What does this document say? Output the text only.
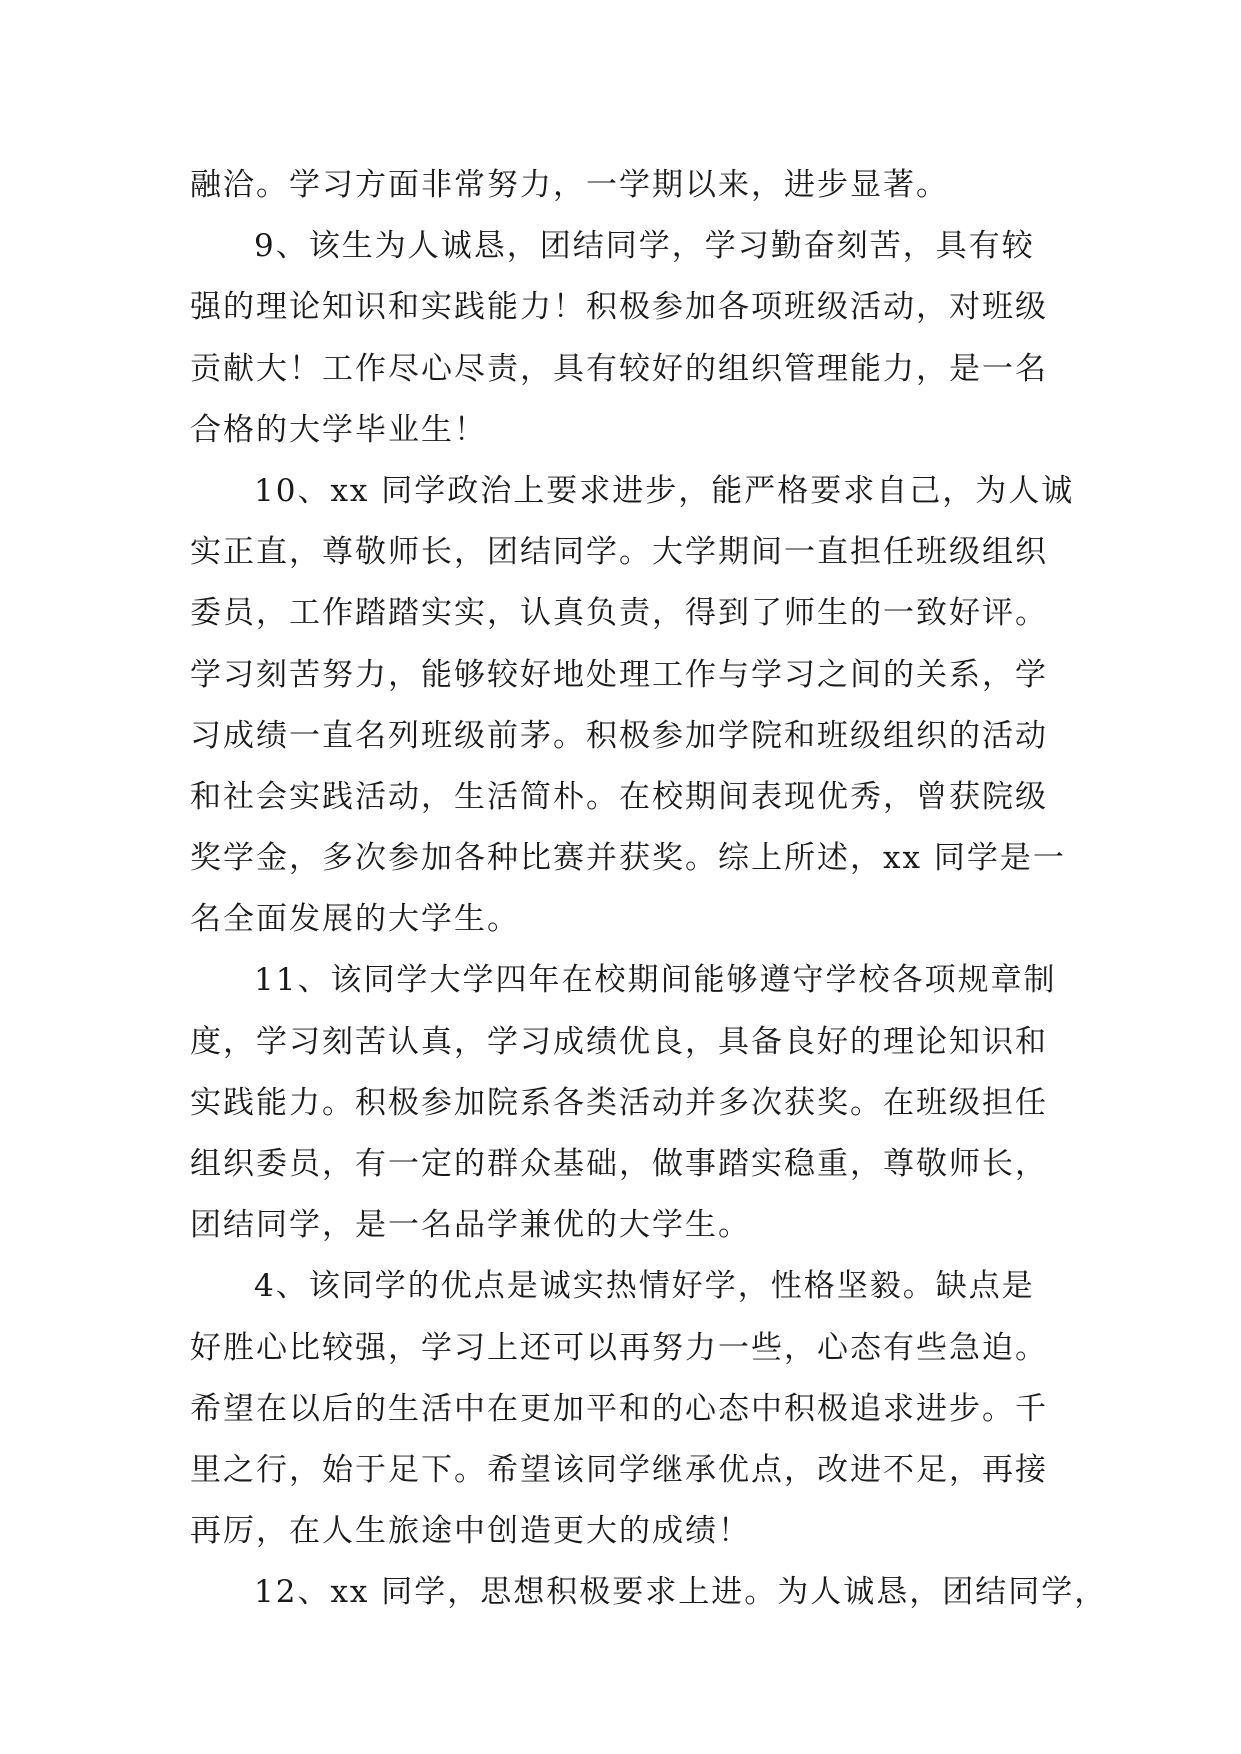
融洽。学习方面非常努力，一学期以来，进步显著。
9、该生为人诚恳，团结同学，学习勤奋刻苦，具有较
强的理论知识和实践能力！积极参加各项班级活动，对班级
贡献大！工作尽心尽责，具有较好的组织管理能力，是一名
合格的大学毕业生！
10、xx 同学政治上要求进步，能严格要求自己，为人诚
实正直，尊敬师长，团结同学。大学期间一直担任班级组织
委员，工作踏踏实实，认真负责，得到了师生的一致好评。
学习刻苦努力，能够较好地处理工作与学习之间的关系，学
习成绩一直名列班级前茅。积极参加学院和班级组织的活动
和社会实践活动，生活简朴。在校期间表现优秀，曾获院级
奖学金，多次参加各种比赛并获奖。综上所述，xx 同学是一
名全面发展的大学生。
11、该同学大学四年在校期间能够遵守学校各项规章制
度，学习刻苦认真，学习成绩优良，具备良好的理论知识和
实践能力。积极参加院系各类活动并多次获奖。在班级担任
组织委员，有一定的群众基础，做事踏实稳重，尊敬师长，
团结同学，是一名品学兼优的大学生。
4、该同学的优点是诚实热情好学，性格坚毅。缺点是
好胜心比较强，学习上还可以再努力一些，心态有些急迫。
希望在以后的生活中在更加平和的心态中积极追求进步。千
里之行，始于足下。希望该同学继承优点，改进不足，再接
再厉，在人生旅途中创造更大的成绩！
12、xx 同学，思想积极要求上进。为人诚恳，团结同学，
